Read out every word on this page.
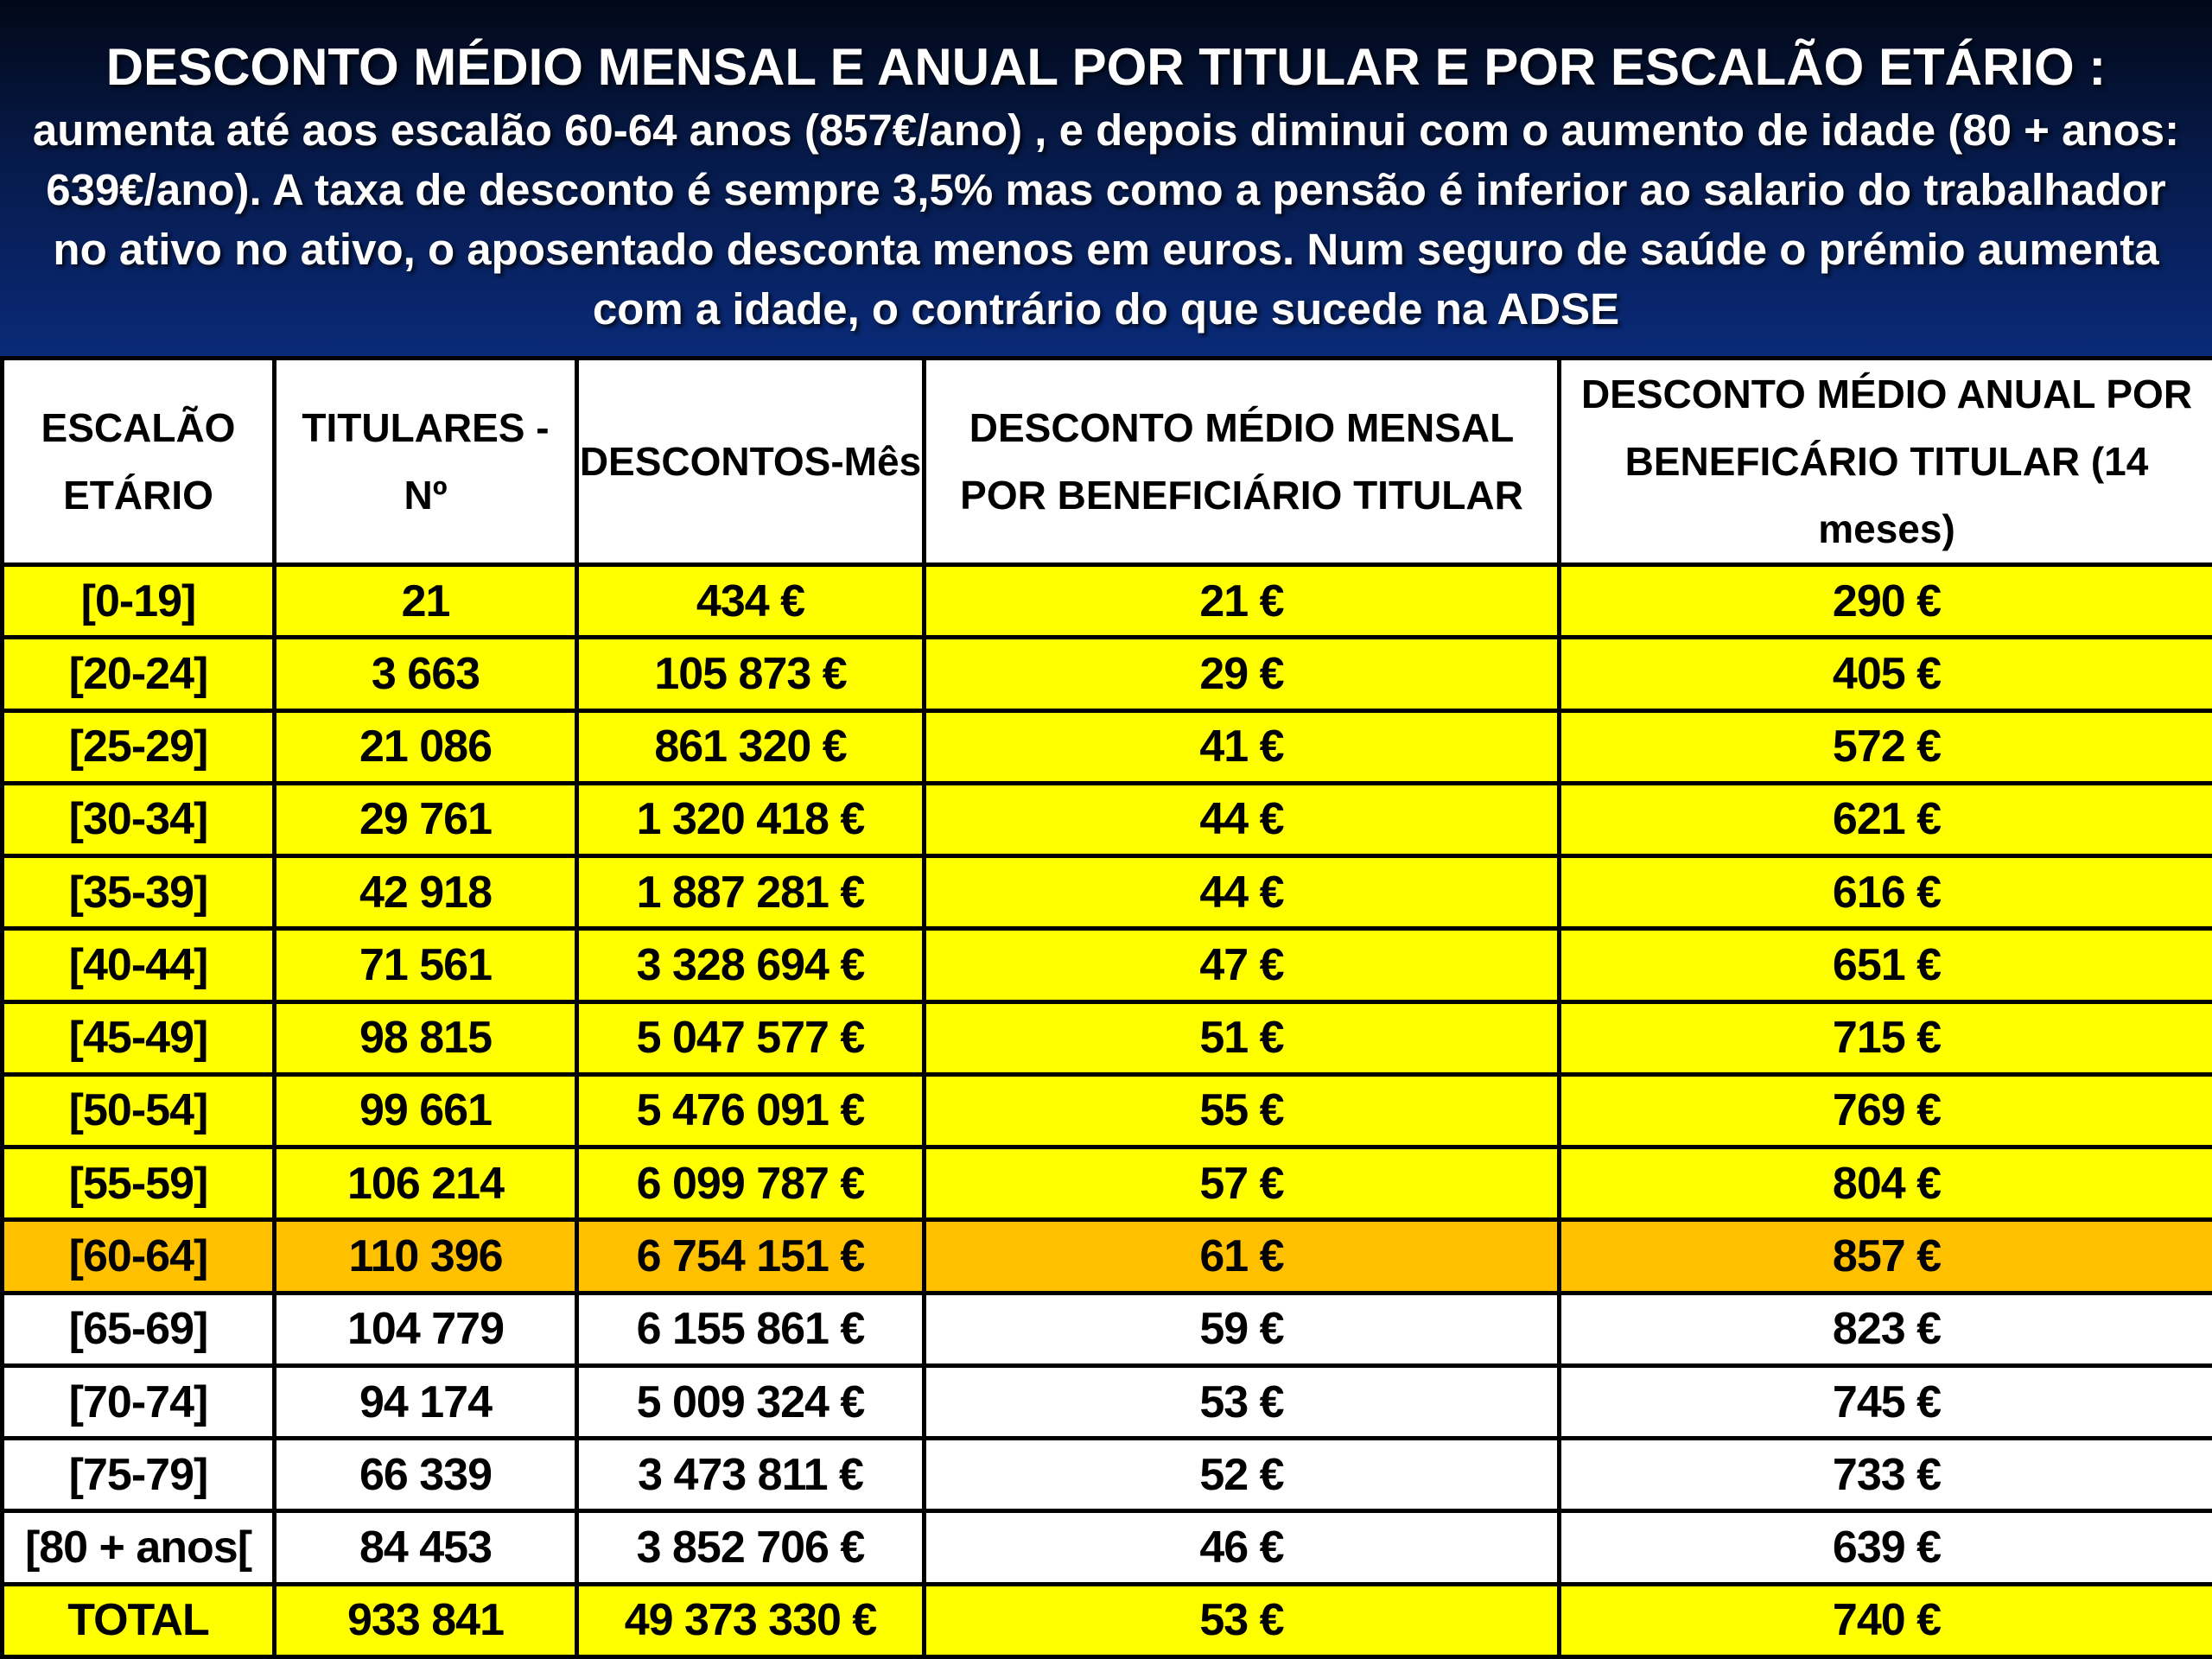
DESCONTO MÉDIO MENSAL E ANUAL POR TITULAR E POR ESCALÃO ETÁRIO :

aumenta até aos escalão 60-64 anos (857€/ano) , e depois diminui com o aumento de idade (80 + anos: 639€/ano). A taxa de desconto é sempre 3,5% mas como a pensão é inferior ao salario do trabalhador no ativo no ativo, o aposentado desconta menos em euros. Num seguro de saúde o prémio aumenta com a idade, o contrário do que sucede na ADSE

ESCALÃO ETÁRIO	TITULARES - Nº	DESCONTOS-Mês	DESCONTO MÉDIO MENSAL POR BENEFICIÁRIO TITULAR	DESCONTO MÉDIO ANUAL POR BENEFICÁRIO TITULAR (14 meses)
[0-19]	21	434 €	21 €	290 €
[20-24]	3 663	105 873 €	29 €	405 €
[25-29]	21 086	861 320 €	41 €	572 €
[30-34]	29 761	1 320 418 €	44 €	621 €
[35-39]	42 918	1 887 281 €	44 €	616 €
[40-44]	71 561	3 328 694 €	47 €	651 €
[45-49]	98 815	5 047 577 €	51 €	715 €
[50-54]	99 661	5 476 091 €	55 €	769 €
[55-59]	106 214	6 099 787 €	57 €	804 €
[60-64]	110 396	6 754 151 €	61 €	857 €
[65-69]	104 779	6 155 861 €	59 €	823 €
[70-74]	94 174	5 009 324 €	53 €	745 €
[75-79]	66 339	3 473 811 €	52 €	733 €
[80 + anos[	84 453	3 852 706 €	46 €	639 €
TOTAL	933 841	49 373 330 €	53 €	740 €
